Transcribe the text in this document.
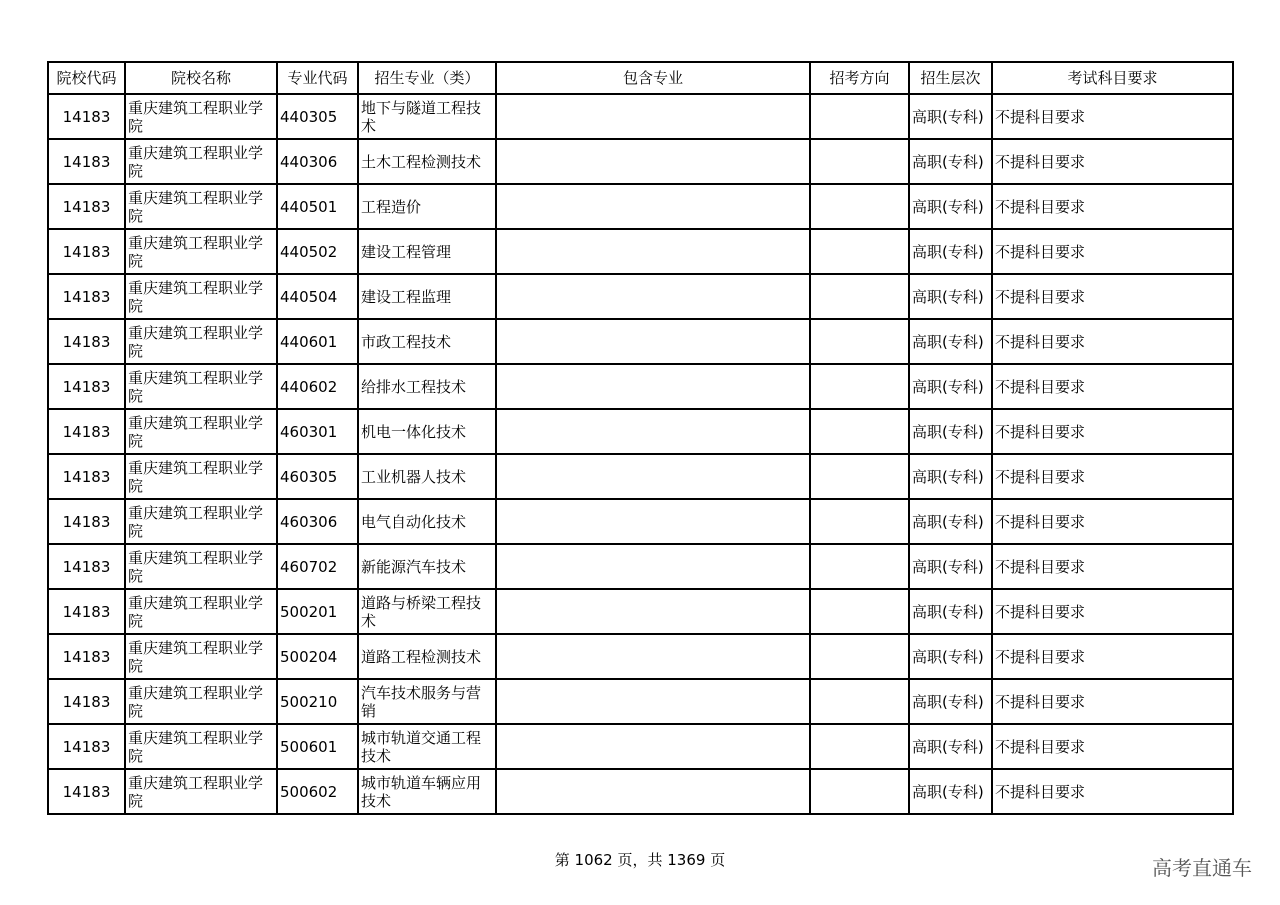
院校代码	院校名称	专业代码	招生专业（类）	包含专业	招考方向	招生层次	考试科目要求
14183	重庆建筑工程职业学院	440305	地下与隧道工程技术			高职(专科)	不提科目要求
14183	重庆建筑工程职业学院	440306	土木工程检测技术			高职(专科)	不提科目要求
14183	重庆建筑工程职业学院	440501	工程造价			高职(专科)	不提科目要求
14183	重庆建筑工程职业学院	440502	建设工程管理			高职(专科)	不提科目要求
14183	重庆建筑工程职业学院	440504	建设工程监理			高职(专科)	不提科目要求
14183	重庆建筑工程职业学院	440601	市政工程技术			高职(专科)	不提科目要求
14183	重庆建筑工程职业学院	440602	给排水工程技术			高职(专科)	不提科目要求
14183	重庆建筑工程职业学院	460301	机电一体化技术			高职(专科)	不提科目要求
14183	重庆建筑工程职业学院	460305	工业机器人技术			高职(专科)	不提科目要求
14183	重庆建筑工程职业学院	460306	电气自动化技术			高职(专科)	不提科目要求
14183	重庆建筑工程职业学院	460702	新能源汽车技术			高职(专科)	不提科目要求
14183	重庆建筑工程职业学院	500201	道路与桥梁工程技术			高职(专科)	不提科目要求
14183	重庆建筑工程职业学院	500204	道路工程检测技术			高职(专科)	不提科目要求
14183	重庆建筑工程职业学院	500210	汽车技术服务与营销			高职(专科)	不提科目要求
14183	重庆建筑工程职业学院	500601	城市轨道交通工程技术			高职(专科)	不提科目要求
14183	重庆建筑工程职业学院	500602	城市轨道车辆应用技术			高职(专科)	不提科目要求
第 1062 页，共 1369 页	高考直通车
